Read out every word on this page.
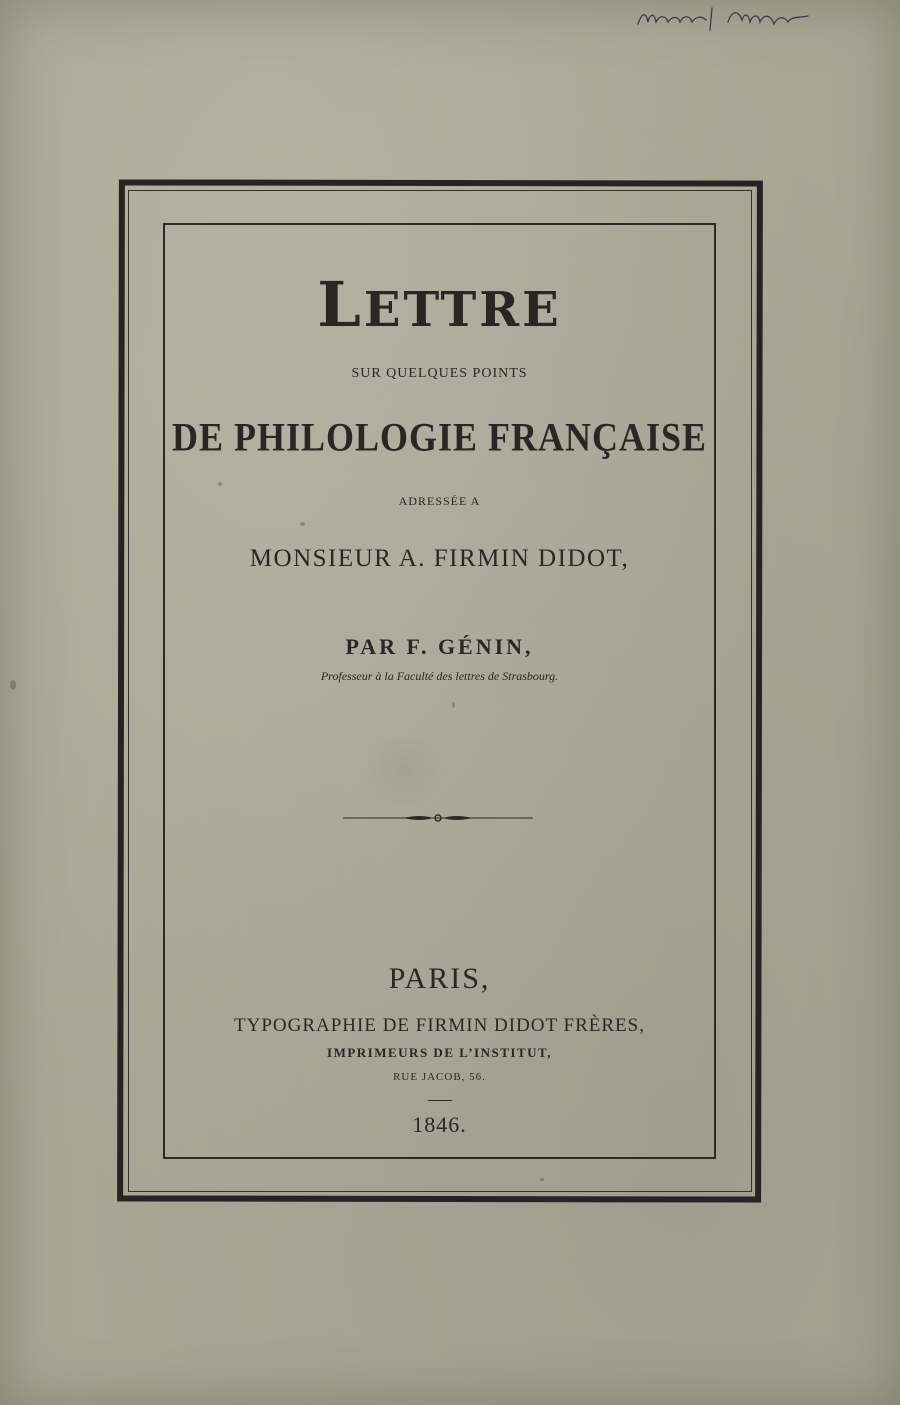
LETTRE
SUR QUELQUES POINTS
DE PHILOLOGIE FRANÇAISE
ADRESSÉE A
MONSIEUR A. FIRMIN DIDOT,
PAR F. GÉNIN,
Professeur à la Faculté des lettres de Strasbourg.
PARIS,
TYPOGRAPHIE DE FIRMIN DIDOT FRÈRES,
IMPRIMEURS DE L’INSTITUT,
RUE JACOB, 56.
1846.
